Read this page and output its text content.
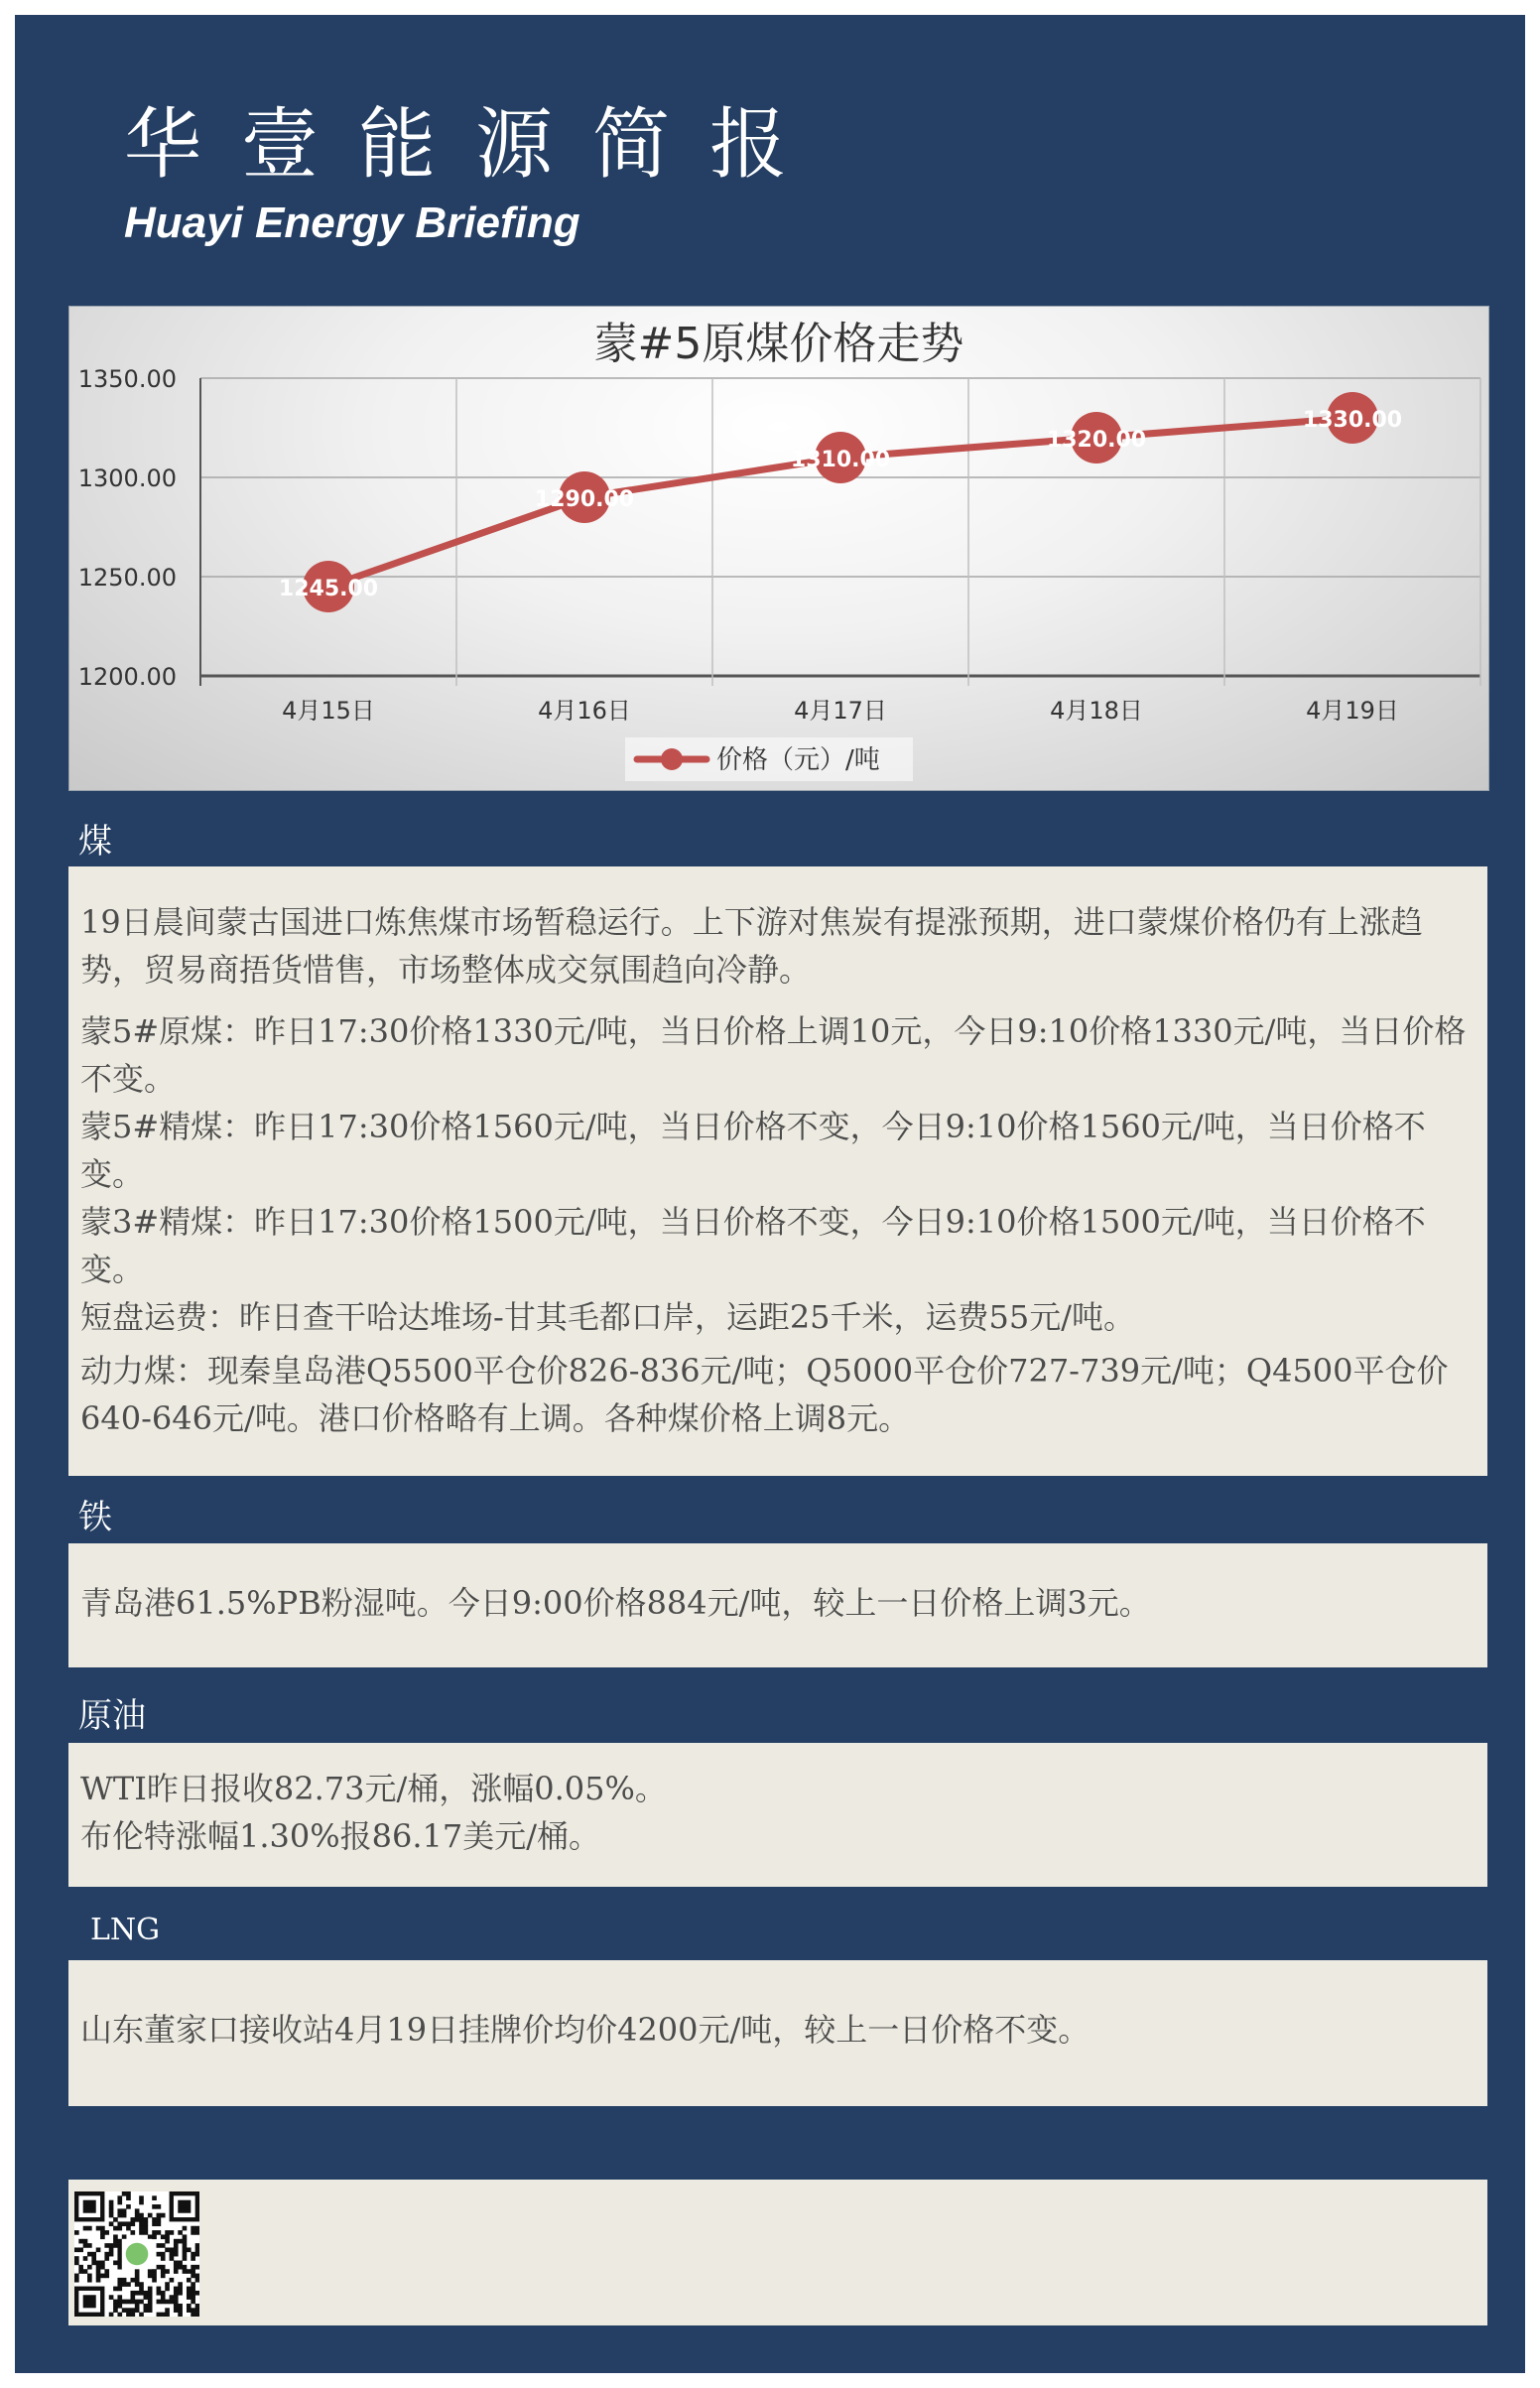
华壹能源简报
Huayi Energy Briefing
蒙#5原煤价格走势
1200.00
1250.00
1300.00
1350.00
4月15日	4月16日	4月17日	4月18日	4月19日
1245.00
1290.00
1310.00
1320.00
1330.00
价格（元）/吨
煤

19日晨间蒙古国进口炼焦煤市场暂稳运行。上下游对焦炭有提涨预期，进口蒙煤价格仍有上涨趋势，贸易商捂货惜售，市场整体成交氛围趋向冷静。

蒙5#原煤：昨日17:30价格1330元/吨，当日价格上调10元，今日9:10价格1330元/吨，当日价格不变。

蒙5#精煤：昨日17:30价格1560元/吨，当日价格不变，今日9:10价格1560元/吨，当日价格不变。

蒙3#精煤：昨日17:30价格1500元/吨，当日价格不变，今日9:10价格1500元/吨，当日价格不变。

短盘运费：昨日查干哈达堆场-甘其毛都口岸，运距25千米，运费55元/吨。

动力煤：现秦皇岛港Q5500平仓价826-836元/吨；Q5000平仓价727-739元/吨；Q4500平仓价640-646元/吨。港口价格略有上调。各种煤价格上调8元。

铁

青岛港61.5%PB粉湿吨。今日9:00价格884元/吨，较上一日价格上调3元。

原油

WTI昨日报收82.73元/桶，涨幅0.05%。

布伦特涨幅1.30%报86.17美元/桶。

LNG

山东董家口接收站4月19日挂牌价均价4200元/吨，较上一日价格不变。
